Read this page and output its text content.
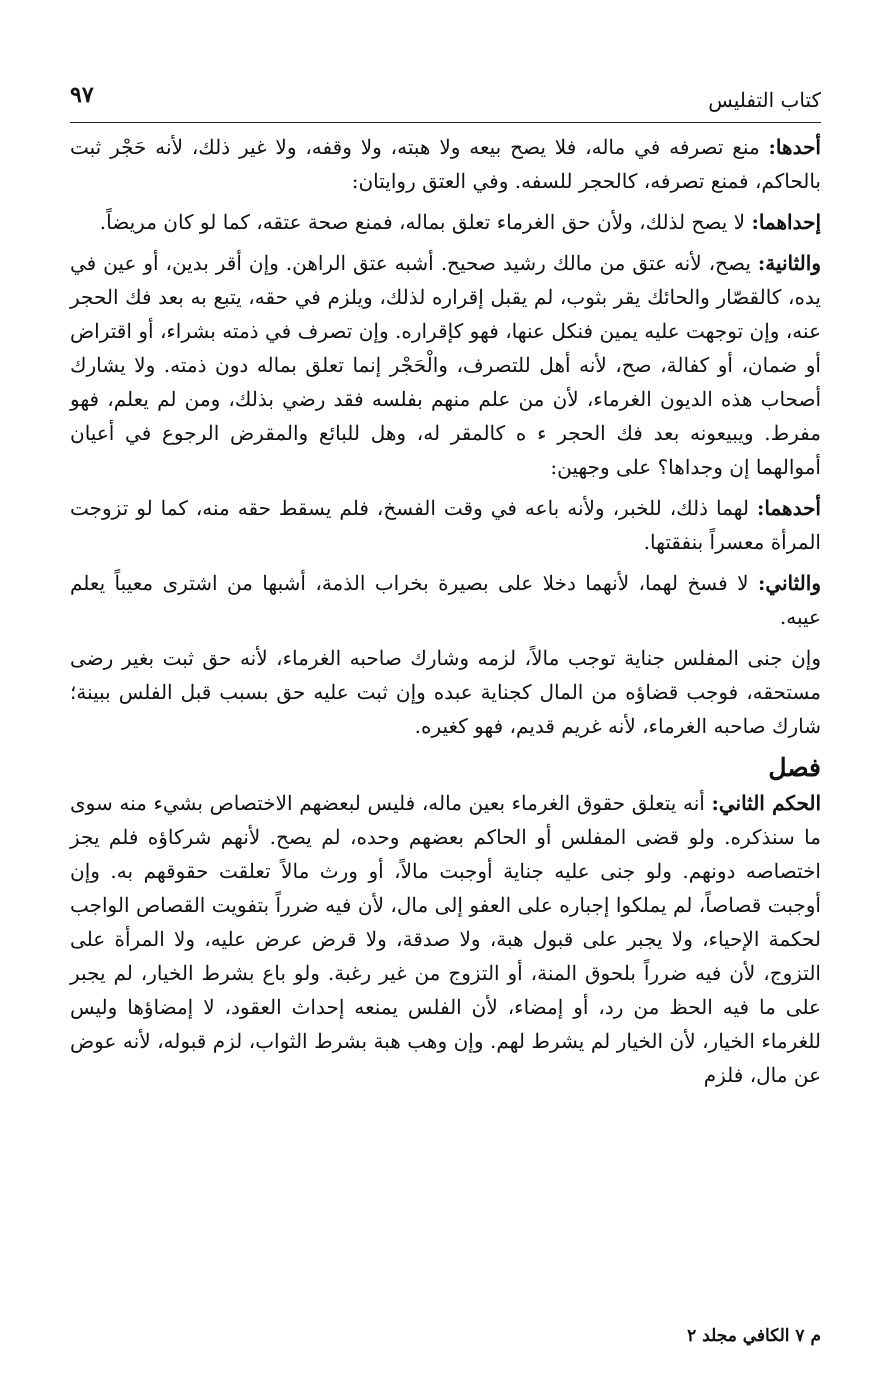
كتاب التفليس
٩٧

أحدها: منع تصرفه في ماله، فلا يصح بيعه ولا هبته، ولا وقفه، ولا غير ذلك، لأنه حَجْر ثبت بالحاكم، فمنع تصرفه، كالحجر للسفه. وفي العتق روايتان:

إحداهما: لا يصح لذلك، ولأن حق الغرماء تعلق بماله، فمنع صحة عتقه، كما لو كان مريضاً.

والثانية: يصح، لأنه عتق من مالك رشيد صحيح. أشبه عتق الراهن. وإن أقر بدين، أو عين في يده، كالقصّار والحائك يقر بثوب، لم يقبل إقراره لذلك، ويلزم في حقه، يتبع به بعد فك الحجر عنه، وإن توجهت عليه يمين فنكل عنها، فهو كإقراره. وإن تصرف في ذمته بشراء، أو اقتراض أو ضمان، أو كفالة، صح، لأنه أهل للتصرف، والْحَجْر إنما تعلق بماله دون ذمته. ولا يشارك أصحاب هذه الديون الغرماء، لأن من علم منهم بفلسه فقد رضي بذلك، ومن لم يعلم، فهو مفرط. ويبيعونه بعد فك الحجر ء ه كالمقر له، وهل للبائع والمقرض الرجوع في أعيان أموالهما إن وجداها؟ على وجهين:

أحدهما: لهما ذلك، للخبر، ولأنه باعه في وقت الفسخ، فلم يسقط حقه منه، كما لو تزوجت المرأة معسراً بنفقتها.

والثاني: لا فسخ لهما، لأنهما دخلا على بصيرة بخراب الذمة، أشبها من اشترى معيباً يعلم عيبه.

وإن جنى المفلس جناية توجب مالاً، لزمه وشارك صاحبه الغرماء، لأنه حق ثبت بغير رضى مستحقه، فوجب قضاؤه من المال كجناية عبده وإن ثبت عليه حق بسبب قبل الفلس ببينة؛ شارك صاحبه الغرماء، لأنه غريم قديم، فهو كغيره.

فصل

الحكم الثاني: أنه يتعلق حقوق الغرماء بعين ماله، فليس لبعضهم الاختصاص بشيء منه سوى ما سنذكره. ولو قضى المفلس أو الحاكم بعضهم وحده، لم يصح. لأنهم شركاؤه فلم يجز اختصاصه دونهم. ولو جنى عليه جناية أوجبت مالاً، أو ورث مالاً تعلقت حقوقهم به. وإن أوجبت قصاصاً، لم يملكوا إجباره على العفو إلى مال، لأن فيه ضرراً بتفويت القصاص الواجب لحكمة الإحياء، ولا يجبر على قبول هبة، ولا صدقة، ولا قرض عرض عليه، ولا المرأة على التزوج، لأن فيه ضرراً بلحوق المنة، أو التزوج من غير رغبة. ولو باع بشرط الخيار، لم يجبر على ما فيه الحظ من رد، أو إمضاء، لأن الفلس يمنعه إحداث العقود، لا إمضاؤها وليس للغرماء الخيار، لأن الخيار لم يشرط لهم. وإن وهب هبة بشرط الثواب، لزم قبوله، لأنه عوض عن مال، فلزم

م ٧ الكافي مجلد ٢
